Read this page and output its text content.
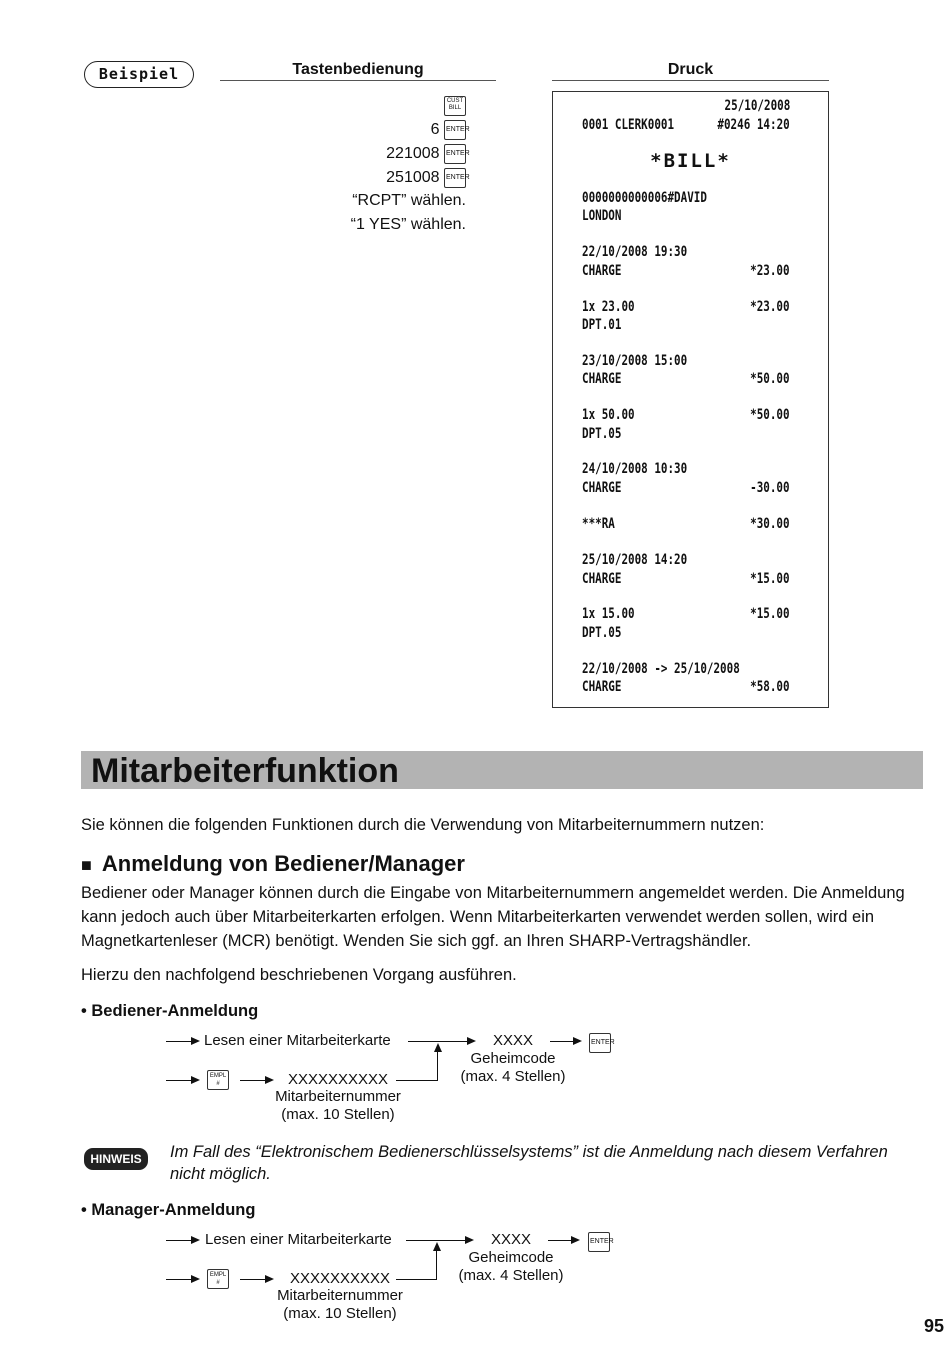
Beispiel	Tastenbedienung	Druck
CUST
BILL
6 ENTER
221008 ENTER
251008 ENTER
“RCPT” wählen.
“1 YES” wählen.
25/10/2008
0001 CLERK0001	#0246 14:20
*BILL*
0000000000006#DAVID
LONDON
22/10/2008 19:30
CHARGE	*23.00
1x 23.00	*23.00
DPT.01
23/10/2008 15:00
CHARGE	*50.00
1x 50.00	*50.00
DPT.05
24/10/2008 10:30
CHARGE	-30.00
***RA	*30.00
25/10/2008 14:20
CHARGE	*15.00
1x 15.00	*15.00
DPT.05
22/10/2008 -> 25/10/2008
CHARGE	*58.00
Mitarbeiterfunktion
Sie können die folgenden Funktionen durch die Verwendung von Mitarbeiternummern nutzen:
■ Anmeldung von Bediener/Manager
Bediener oder Manager können durch die Eingabe von Mitarbeiternummern angemeldet werden. Die Anmeldung kann jedoch auch über Mitarbeiterkarten erfolgen. Wenn Mitarbeiterkarten verwendet werden sollen, wird ein Magnetkartenleser (MCR) benötigt. Wenden Sie sich ggf. an Ihren SHARP-Vertragshändler.
Hierzu den nachfolgend beschriebenen Vorgang ausführen.
• Bediener-Anmeldung
Lesen einer Mitarbeiterkarte	XXXX
Geheimcode
(max. 4 Stellen)
ENTER
EMPL
#	XXXXXXXXXX
Mitarbeiternummer
(max. 10 Stellen)
HINWEIS	Im Fall des “Elektronischem Bedienerschlüsselsystems” ist die Anmeldung nach diesem Verfahren nicht möglich.
• Manager-Anmeldung
Lesen einer Mitarbeiterkarte	XXXX
Geheimcode
(max. 4 Stellen)
ENTER
EMPL
#	XXXXXXXXXX
Mitarbeiternummer
(max. 10 Stellen)
95
